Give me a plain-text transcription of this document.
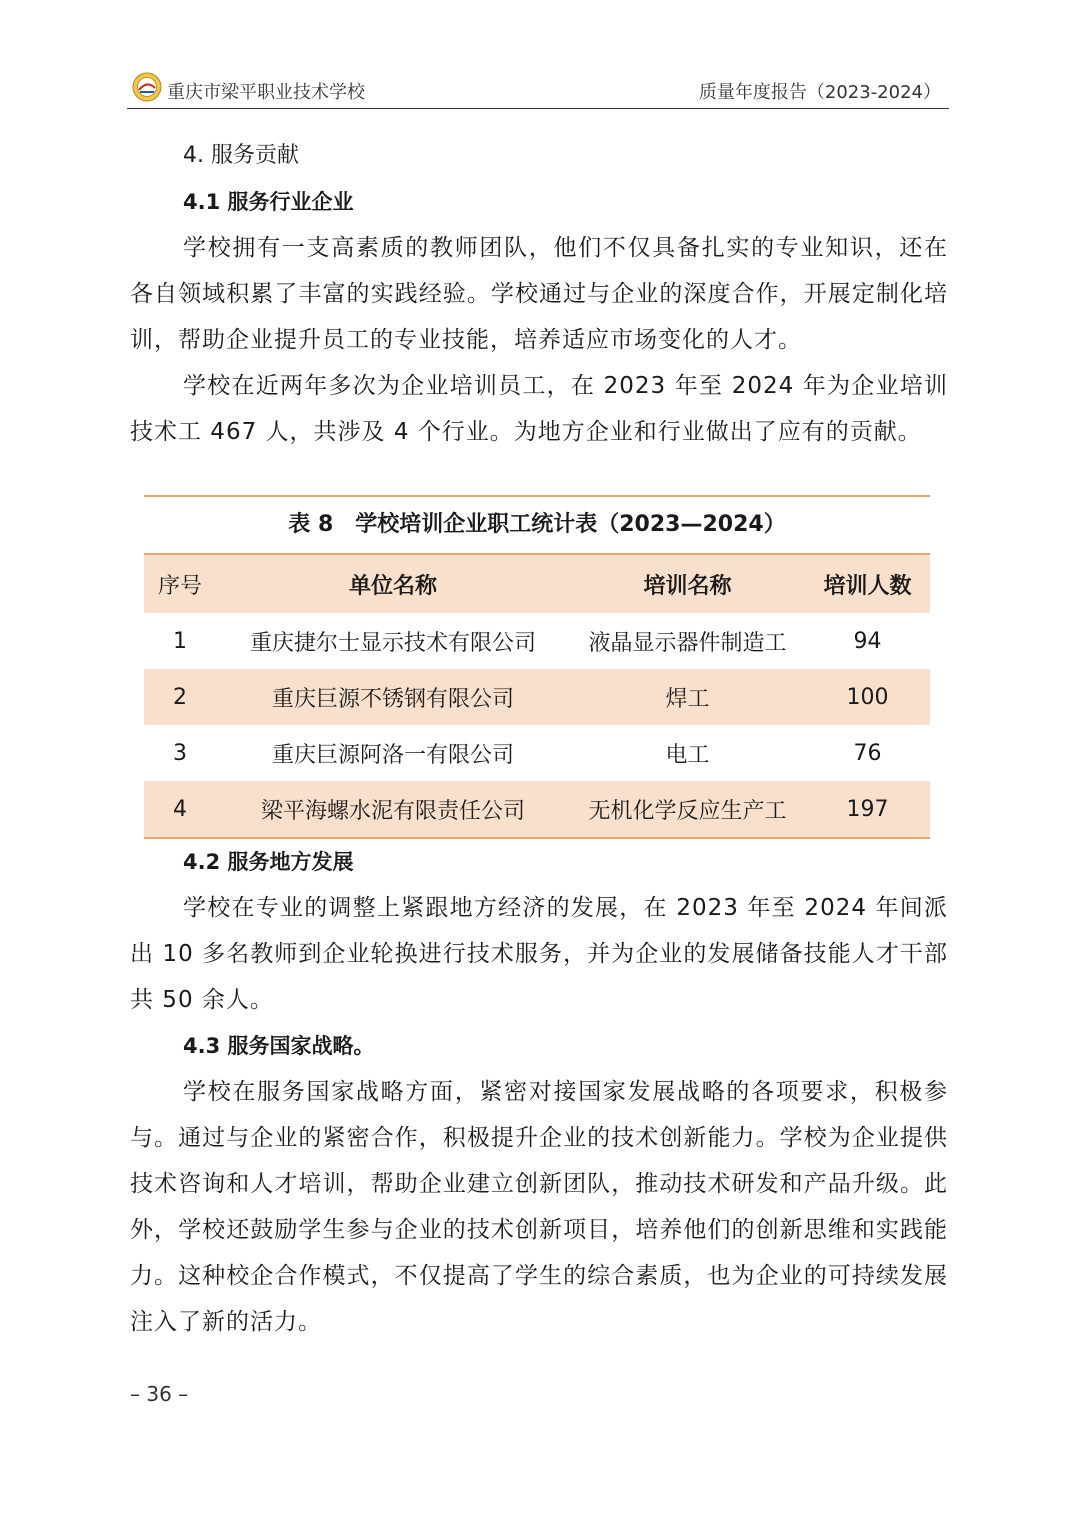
重庆市梁平职业技术学校	质量年度报告（2023-2024）
4. 服务贡献
4.1 服务行业企业

学校拥有一支高素质的教师团队，他们不仅具备扎实的专业知识，还在各自领域积累了丰富的实践经验。学校通过与企业的深度合作，开展定制化培训，帮助企业提升员工的专业技能，培养适应市场变化的人才。

学校在近两年多次为企业培训员工，在 2023 年至 2024 年为企业培训技术工 467 人，共涉及 4 个行业。为地方企业和行业做出了应有的贡献。

表 8　学校培训企业职工统计表（2023—2024）
序号	单位名称	培训名称	培训人数
1	重庆捷尔士显示技术有限公司	液晶显示器件制造工	94
2	重庆巨源不锈钢有限公司	焊工	100
3	重庆巨源阿洛一有限公司	电工	76
4	梁平海螺水泥有限责任公司	无机化学反应生产工	197
4.2 服务地方发展

学校在专业的调整上紧跟地方经济的发展，在 2023 年至 2024 年间派出 10 多名教师到企业轮换进行技术服务，并为企业的发展储备技能人才干部共 50 余人。

4.3 服务国家战略。

学校在服务国家战略方面，紧密对接国家发展战略的各项要求，积极参与。通过与企业的紧密合作，积极提升企业的技术创新能力。学校为企业提供技术咨询和人才培训，帮助企业建立创新团队，推动技术研发和产品升级。此外，学校还鼓励学生参与企业的技术创新项目，培养他们的创新思维和实践能力。这种校企合作模式，不仅提高了学生的综合素质，也为企业的可持续发展注入了新的活力。

– 36 –
